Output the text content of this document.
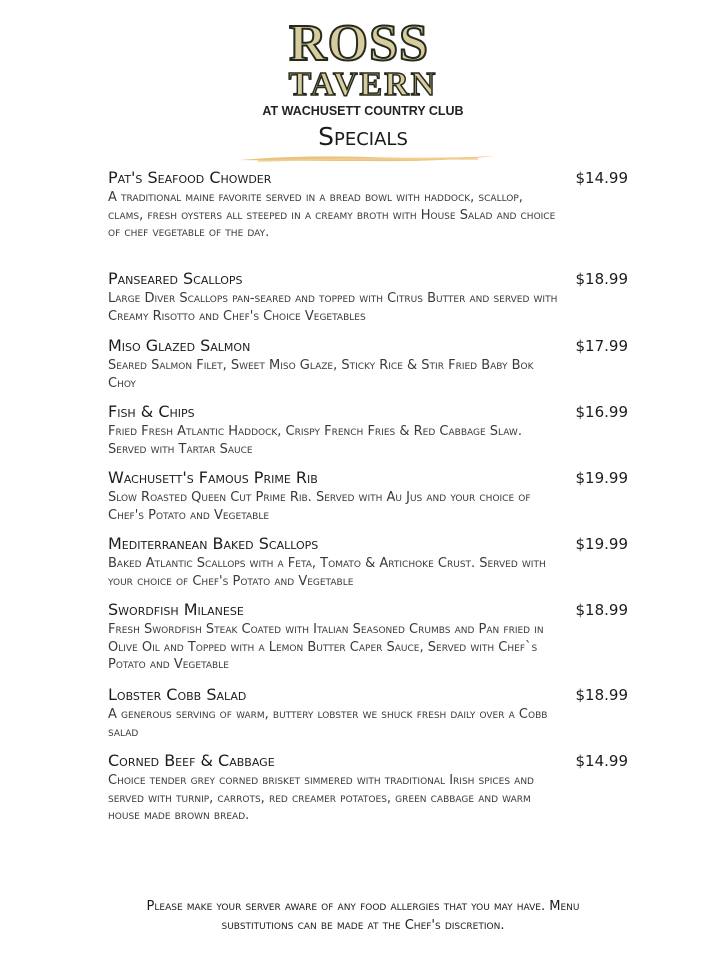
ROSS
TAVERN
AT WACHUSETT COUNTRY CLUB
Specials
Pat's Seafood Chowder	$14.99
A traditional maine favorite served in a bread bowl with haddock, scallop, clams, fresh oysters all steeped in a creamy broth with House Salad and choice of chef vegetable of the day.
Panseared Scallops	$18.99
Large Diver Scallops pan-seared and topped with Citrus Butter and served with Creamy Risotto and Chef's Choice Vegetables
Miso Glazed Salmon	$17.99
Seared Salmon Filet, Sweet Miso Glaze, Sticky Rice & Stir Fried Baby Bok Choy
Fish & Chips	$16.99
Fried Fresh Atlantic Haddock, Crispy French Fries & Red Cabbage Slaw. Served with Tartar Sauce
Wachusett's Famous Prime Rib	$19.99
Slow Roasted Queen Cut Prime Rib. Served with Au Jus and your choice of Chef's Potato and Vegetable
Mediterranean Baked Scallops	$19.99
Baked Atlantic Scallops with a Feta, Tomato & Artichoke Crust. Served with your choice of Chef's Potato and Vegetable
Swordfish Milanese	$18.99
Fresh Swordfish Steak Coated with Italian Seasoned Crumbs and Pan fried in Olive Oil and Topped with a Lemon Butter Caper Sauce, Served with Chef`s Potato and Vegetable
Lobster Cobb Salad	$18.99
A generous serving of warm, buttery lobster we shuck fresh daily over a Cobb salad
Corned Beef & Cabbage	$14.99
Choice tender grey corned brisket simmered with traditional Irish spices and served with turnip, carrots, red creamer potatoes, green cabbage and warm house made brown bread.
Please make your server aware of any food allergies that you may have. Menu substitutions can be made at the Chef's discretion.
